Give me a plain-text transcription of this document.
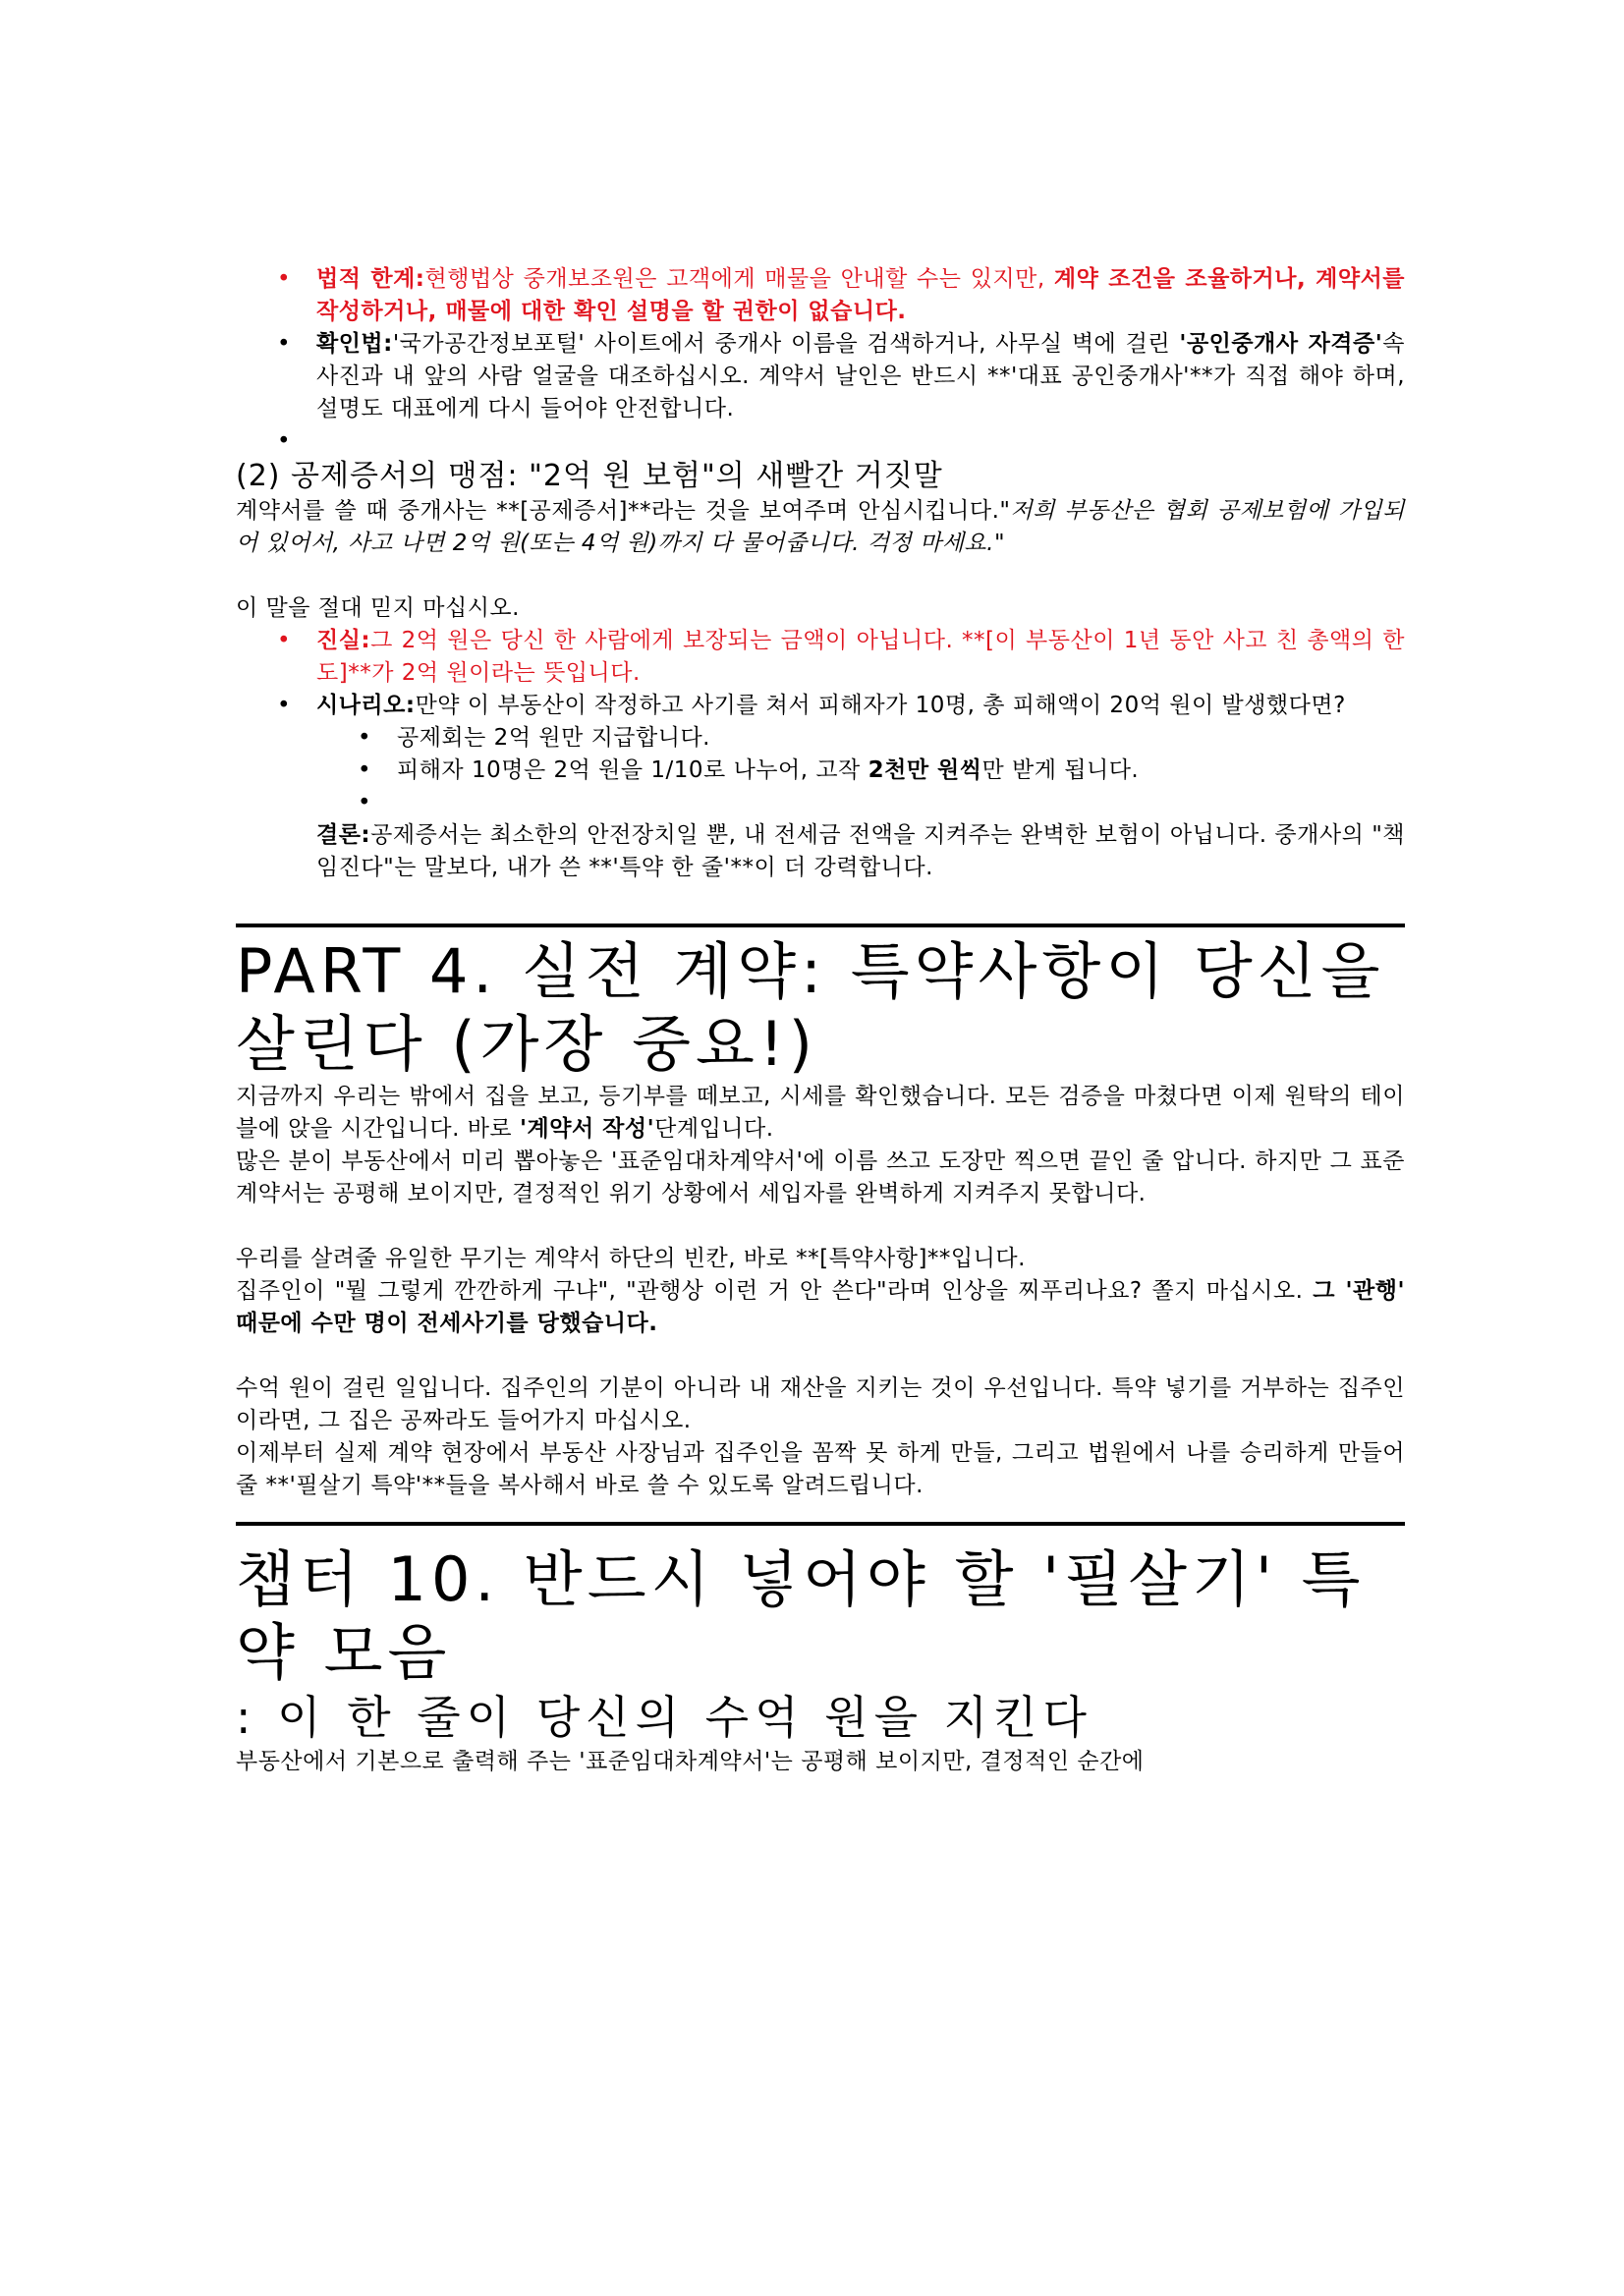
• 법적 한계:현행법상 중개보조원은 고객에게 매물을 안내할 수는 있지만, 계약 조건을 조율하거나, 계약서를 작성하거나, 매물에 대한 확인 설명을 할 권한이 없습니다.
• 확인법:'국가공간정보포털' 사이트에서 중개사 이름을 검색하거나, 사무실 벽에 걸린 '공인중개사 자격증'속 사진과 내 앞의 사람 얼굴을 대조하십시오. 계약서 날인은 반드시 **'대표 공인중개사'**가 직접 해야 하며, 설명도 대표에게 다시 들어야 안전합니다.
•

(2) 공제증서의 맹점: "2억 원 보험"의 새빨간 거짓말
계약서를 쓸 때 중개사는 **[공제증서]**라는 것을 보여주며 안심시킵니다."저희 부동산은 협회 공제보험에 가입되어 있어서, 사고 나면 2억 원(또는 4억 원)까지 다 물어줍니다. 걱정 마세요."
이 말을 절대 믿지 마십시오.
• 진실:그 2억 원은 당신 한 사람에게 보장되는 금액이 아닙니다. **[이 부동산이 1년 동안 사고 친 총액의 한도]**가 2억 원이라는 뜻입니다.
• 시나리오:만약 이 부동산이 작정하고 사기를 쳐서 피해자가 10명, 총 피해액이 20억 원이 발생했다면?
• 공제회는 2억 원만 지급합니다.
• 피해자 10명은 2억 원을 1/10로 나누어, 고작 2천만 원씩만 받게 됩니다.
•

결론:공제증서는 최소한의 안전장치일 뿐, 내 전세금 전액을 지켜주는 완벽한 보험이 아닙니다. 중개사의 "책임진다"는 말보다, 내가 쓴 **'특약 한 줄'**이 더 강력합니다.
PART 4. 실전 계약: 특약사항이 당신을 살린다 (가장 중요!)
지금까지 우리는 밖에서 집을 보고, 등기부를 떼보고, 시세를 확인했습니다. 모든 검증을 마쳤다면 이제 원탁의 테이블에 앉을 시간입니다. 바로 '계약서 작성'단계입니다.
많은 분이 부동산에서 미리 뽑아놓은 '표준임대차계약서'에 이름 쓰고 도장만 찍으면 끝인 줄 압니다. 하지만 그 표준 계약서는 공평해 보이지만, 결정적인 위기 상황에서 세입자를 완벽하게 지켜주지 못합니다.
우리를 살려줄 유일한 무기는 계약서 하단의 빈칸, 바로 **[특약사항]**입니다.
집주인이 "뭘 그렇게 깐깐하게 구냐", "관행상 이런 거 안 쓴다"라며 인상을 찌푸리나요? 쫄지 마십시오. 그 '관행' 때문에 수만 명이 전세사기를 당했습니다.
수억 원이 걸린 일입니다. 집주인의 기분이 아니라 내 재산을 지키는 것이 우선입니다. 특약 넣기를 거부하는 집주인이라면, 그 집은 공짜라도 들어가지 마십시오.
이제부터 실제 계약 현장에서 부동산 사장님과 집주인을 꼼짝 못 하게 만들, 그리고 법원에서 나를 승리하게 만들어줄 **'필살기 특약'**들을 복사해서 바로 쓸 수 있도록 알려드립니다.
챕터 10. 반드시 넣어야 할 '필살기' 특약 모음
: 이 한 줄이 당신의 수억 원을 지킨다
부동산에서 기본으로 출력해 주는 '표준임대차계약서'는 공평해 보이지만, 결정적인 순간에
